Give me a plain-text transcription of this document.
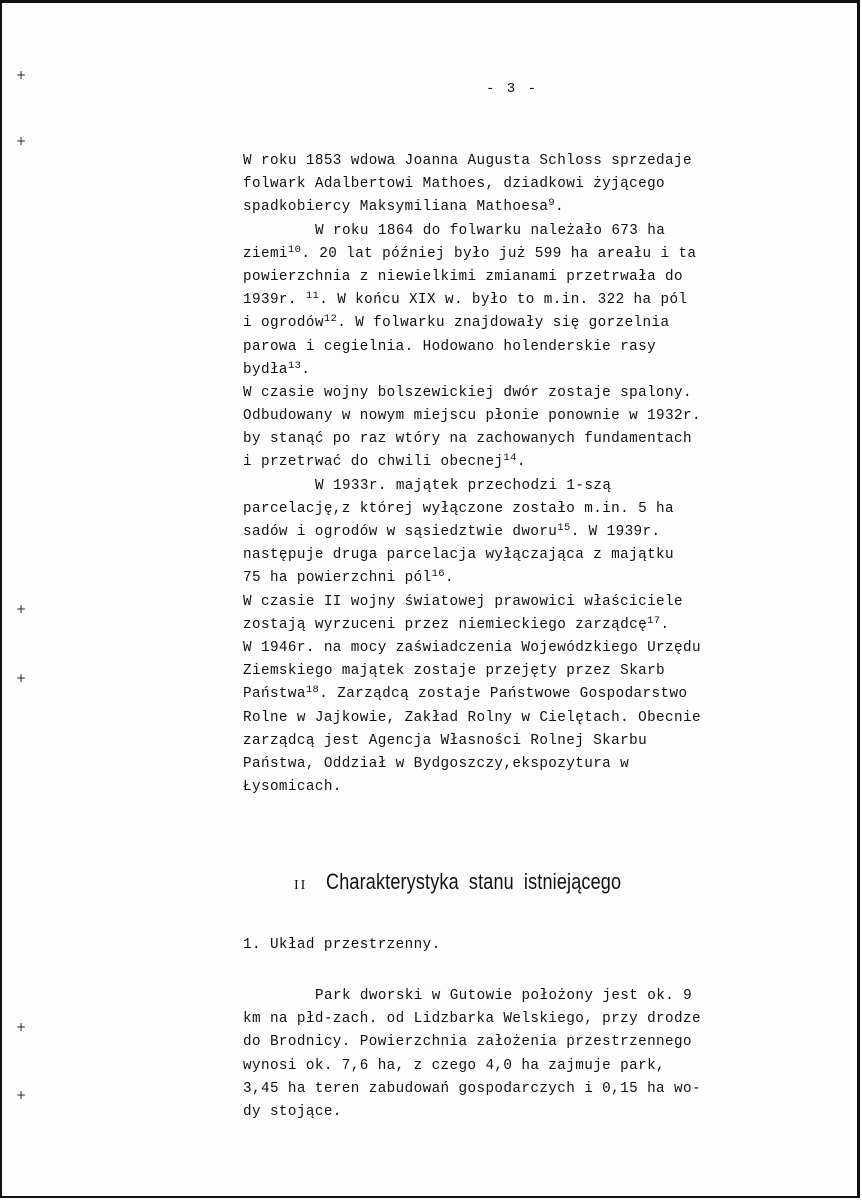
+
+
+
+
+
+
- 3 -
W roku 1853 wdowa Joanna Augusta Schloss sprzedaje
folwark Adalbertowi Mathoes, dziadkowi żyjącego
spadkobiercy Maksymiliana Mathoesa$^9$.
W roku 1864 do folwarku należało 673 ha
ziemi$^{10}$. 20 lat później było już 599 ha areału i ta
powierzchnia z niewielkimi zmianami przetrwała do
1939r. $^{11}$. W końcu XIX w. było to m.in. 322 ha pól
i ogrodów$^{12}$. W folwarku znajdowały się gorzelnia
parowa i cegielnia. Hodowano holenderskie rasy
bydła$^{13}$.
W czasie wojny bolszewickiej dwór zostaje spalony.
Odbudowany w nowym miejscu płonie ponownie w 1932r.
by stanąć po raz wtóry na zachowanych fundamentach
i przetrwać do chwili obecnej$^{14}$.
W 1933r. majątek przechodzi 1-szą
parcelację,z której wyłączone zostało m.in. 5 ha
sadów i ogrodów w sąsiedztwie dworu$^{15}$. W 1939r.
następuje druga parcelacja wyłączająca z majątku
75 ha powierzchni pól$^{16}$.
W czasie II wojny światowej prawowici właściciele
zostają wyrzuceni przez niemieckiego zarządcę$^{17}$.
W 1946r. na mocy zaświadczenia Wojewódzkiego Urzędu
Ziemskiego majątek zostaje przejęty przez Skarb
Państwa$^{18}$. Zarządcą zostaje Państwowe Gospodarstwo
Rolne w Jajkowie, Zakład Rolny w Cielętach. Obecnie
zarządcą jest Agencja Własności Rolnej Skarbu
Państwa, Oddział w Bydgoszczy,ekspozytura w
Łysomicach.
II Charakterystyka stanu istniejącego
1. Układ przestrzenny.
Park dworski w Gutowie położony jest ok. 9
km na płd-zach. od Lidzbarka Welskiego, przy drodze
do Brodnicy. Powierzchnia założenia przestrzennego
wynosi ok. 7,6 ha, z czego 4,0 ha zajmuje park,
3,45 ha teren zabudowań gospodarczych i 0,15 ha wo-
dy stojące.
